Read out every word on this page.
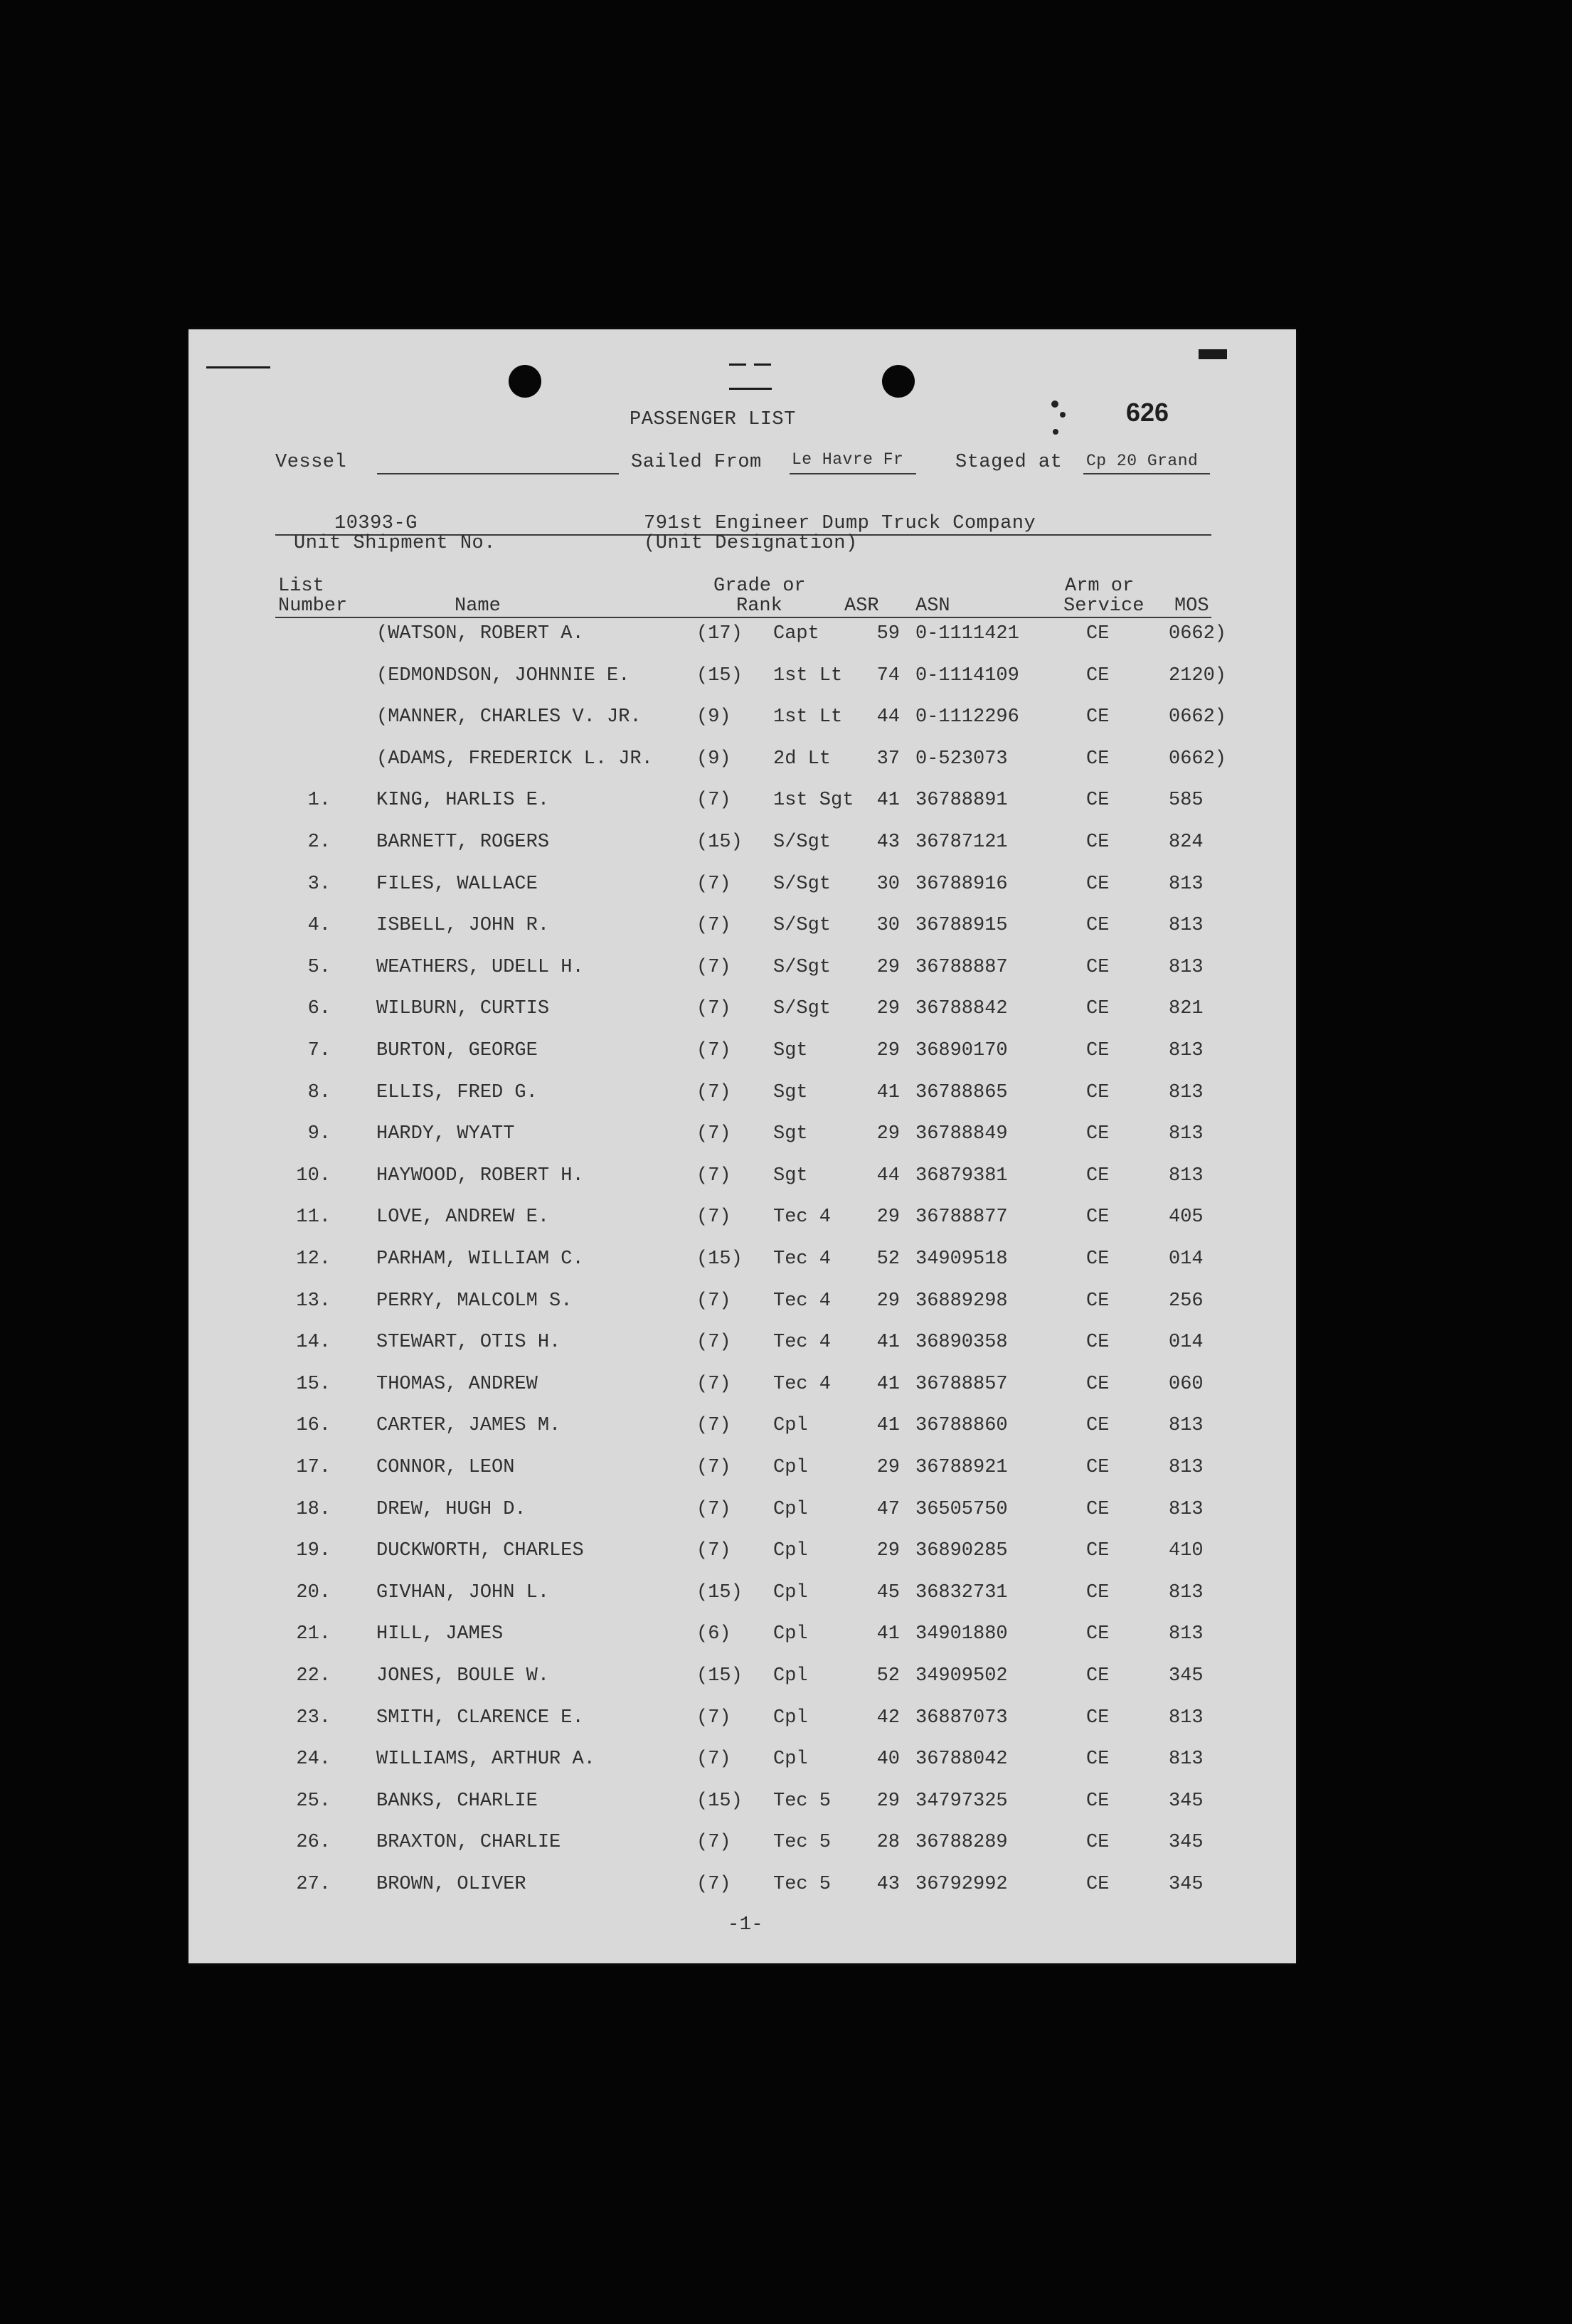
PASSENGER LIST	626
Vessel	Sailed From Le Havre Fr	Staged at Cp 20 Grand
10393-G
Unit Shipment No.
791st Engineer Dump Truck Company
(Unit Designation)
List
Number	Name
Grade or
Rank	ASR ASN
Arm or
Service MOS
(WATSON, ROBERT A.	(17) Capt	59 0-1111421	CE	0662)
(EDMONDSON, JOHNNIE E.	(15) 1st Lt	74 0-1114109	CE	2120)
(MANNER, CHARLES V. JR.	(9) 1st Lt	44 0-1112296	CE	0662)
(ADAMS, FREDERICK L. JR. (9) 2d Lt	37 0-523073	CE	0662)
1. KING, HARLIS E.	(7) 1st Sgt	41 36788891	CE	585
2. BARNETT, ROGERS	(15) S/Sgt	43 36787121	CE	824
3. FILES, WALLACE	(7) S/Sgt	30 36788916	CE	813
4. ISBELL, JOHN R.	(7) S/Sgt	30 36788915	CE	813
5. WEATHERS, UDELL H.	(7) S/Sgt	29 36788887	CE	813
6. WILBURN, CURTIS	(7) S/Sgt	29 36788842	CE	821
7. BURTON, GEORGE	(7) Sgt	29 36890170	CE	813
8. ELLIS, FRED G.	(7) Sgt	41 36788865	CE	813
9. HARDY, WYATT	(7) Sgt	29 36788849	CE	813
10. HAYWOOD, ROBERT H.	(7) Sgt	44 36879381	CE	813
11. LOVE, ANDREW E.	(7) Tec 4	29 36788877	CE	405
12. PARHAM, WILLIAM C.	(15) Tec 4	52 34909518	CE	014
13. PERRY, MALCOLM S.	(7) Tec 4	29 36889298	CE	256
14. STEWART, OTIS H.	(7) Tec 4	41 36890358	CE	014
15. THOMAS, ANDREW	(7) Tec 4	41 36788857	CE	060
16. CARTER, JAMES M.	(7) Cpl	41 36788860	CE	813
17. CONNOR, LEON	(7) Cpl	29 36788921	CE	813
18. DREW, HUGH D.	(7) Cpl	47 36505750	CE	813
19. DUCKWORTH, CHARLES	(7) Cpl	29 36890285	CE	410
20. GIVHAN, JOHN L.	(15) Cpl	45 36832731	CE	813
21. HILL, JAMES	(6) Cpl	41 34901880	CE	813
22. JONES, BOULE W.	(15) Cpl	52 34909502	CE	345
23. SMITH, CLARENCE E.	(7) Cpl	42 36887073	CE	813
24. WILLIAMS, ARTHUR A.	(7) Cpl	40 36788042	CE	813
25. BANKS, CHARLIE	(15) Tec 5	29 34797325	CE	345
26. BRAXTON, CHARLIE	(7) Tec 5	28 36788289	CE	345
27. BROWN, OLIVER	(7) Tec 5	43 36792992	CE	345
-1-
